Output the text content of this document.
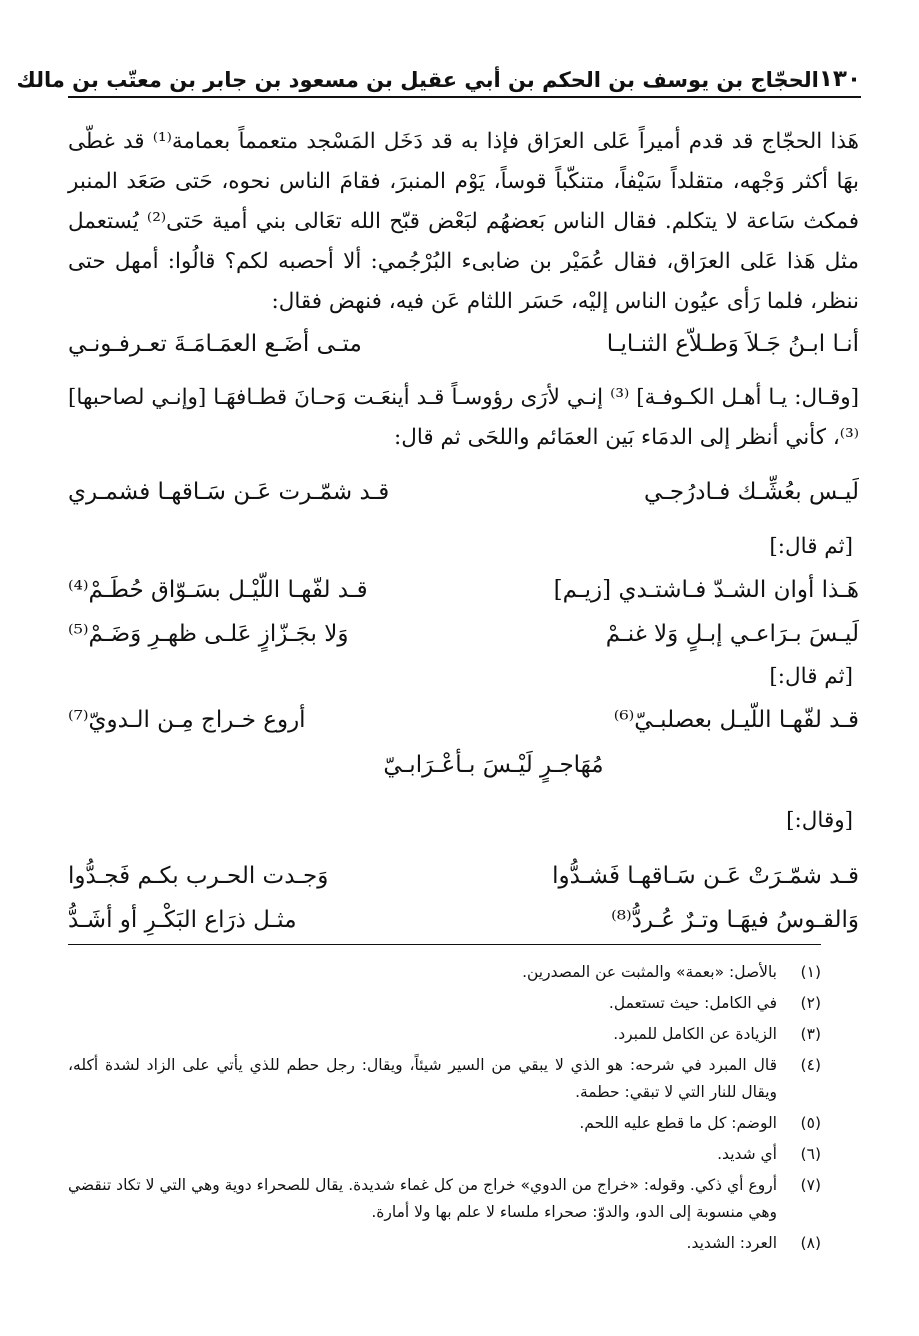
١٣٠
الحجّاج بن يوسف بن الحكم بن أبي عقيل بن مسعود بن جابر بن معتّب بن مالك

هَذا الحجّاج قد قدم أميراً عَلى العرَاق فإذا به قد دَخَل المَسْجد متعمماً بعمامة⁽¹⁾ قد غطّى بهَا أكثر وَجْهه، متقلداً سَيْفاً، متنكّباً قوساً، يَوْم المنبرَ، فقامَ الناس نحوه، حَتى صَعَد المنبر فمكث سَاعة لا يتكلم. فقال الناس بَعضهُم لبَعْض قبّح الله تعَالى بني أمية حَتى⁽²⁾ يُستعمل مثل هَذا عَلى العرَاق، فقال عُمَيْر بن ضابىء البُرْجُمي: ألا أحصبه لكم؟ قالُوا: أمهل حتى ننظر، فلما رَأى عيُون الناس إليْه، حَسَر اللثام عَن فيه، فنهض فقال:

أنـا ابـنُ جَـلاَ وَطـلاّع الثنـايـا
متـى أضَـع العمَـامَـةَ تعـرفـونـي

[وقـال: يـا أهـل الكـوفـة] ⁽³⁾ إنـي لأرَى رؤوسـاً قـد أينعَـت وَحـانَ قطـافهَـا [وإنـي لصاحبها] ⁽³⁾، كأني أنظر إلى الدمَاء بَين العمَائم واللحَى ثم قال:

لَيـس بعُشِّـك فـادرُجـي
قـد شمّـرت عَـن سَـاقهـا فشمـري
[ثم قال:]
هَـذا أوان الشـدّ فـاشتـدي [زيـم]
قـد لفّهـا اللّيْـل بسَـوّاق حُطَـمْ⁽⁴⁾
لَيـسَ بـرَاعـي إبـلٍ وَلا غنـمْ
وَلا بجَـزّازٍ عَلـى ظهـرِ وَضَـمْ⁽⁵⁾
[ثم قال:]
قـد لفّهـا اللّيـل بعصلبـيّ⁽⁶⁾
أروع خـراج مِـن الـدويّ⁽⁷⁾
مُهَاجـرٍ لَيْـسَ بـأعْـرَابـيّ
[وقال:]
قـد شمّـرَتْ عَـن سَـاقهـا فَشـدُّوا
وَجـدت الحـرب بكـم فَجـدُّوا
وَالقـوسُ فيهَـا وتـرٌ عُـردُّ⁽⁸⁾
مثـل ذرَاع البَكْـرِ أو أشَـدُّ
(١)
بالأصل: «بعمة» والمثبت عن المصدرين.
(٢)
في الكامل: حيث تستعمل.
(٣)
الزيادة عن الكامل للمبرد.
(٤)
قال المبرد في شرحه: هو الذي لا يبقي من السير شيئاً، ويقال: رجل حطم للذي يأتي على الزاد لشدة أكله، ويقال للنار التي لا تبقي: حطمة.
(٥)
الوضم: كل ما قطع عليه اللحم.
(٦)
أي شديد.
(٧)
أروع أي ذكي. وقوله: «خراج من الدوي» خراج من كل غماء شديدة. يقال للصحراء دوية وهي التي لا تكاد تنقضي وهي منسوبة إلى الدو، والدوّ: صحراء ملساء لا علم بها ولا أمارة.
(٨)
العرد: الشديد.
